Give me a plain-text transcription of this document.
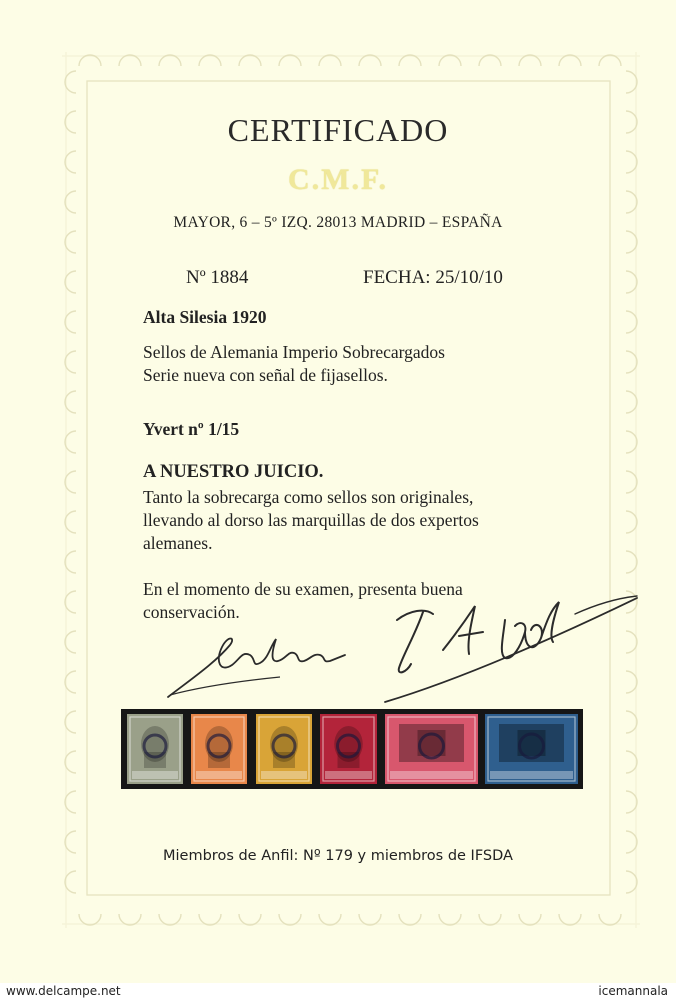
CERTIFICADO
C.M.F.
MAYOR, 6 – 5º IZQ. 28013 MADRID – ESPAÑA
Nº 1884	FECHA: 25/10/10
Alta Silesia 1920
Sellos de Alemania Imperio Sobrecargados
Serie nueva con señal de fijasellos.
Yvert nº 1/15
A NUESTRO JUICIO.
Tanto la sobrecarga como sellos son originales,
llevando al dorso las marquillas de dos expertos
alemanes.
En el momento de su examen, presenta buena
conservación.
Miembros de Anfil: Nº 179 y miembros de IFSDA
www.delcampe.net	icemannala
